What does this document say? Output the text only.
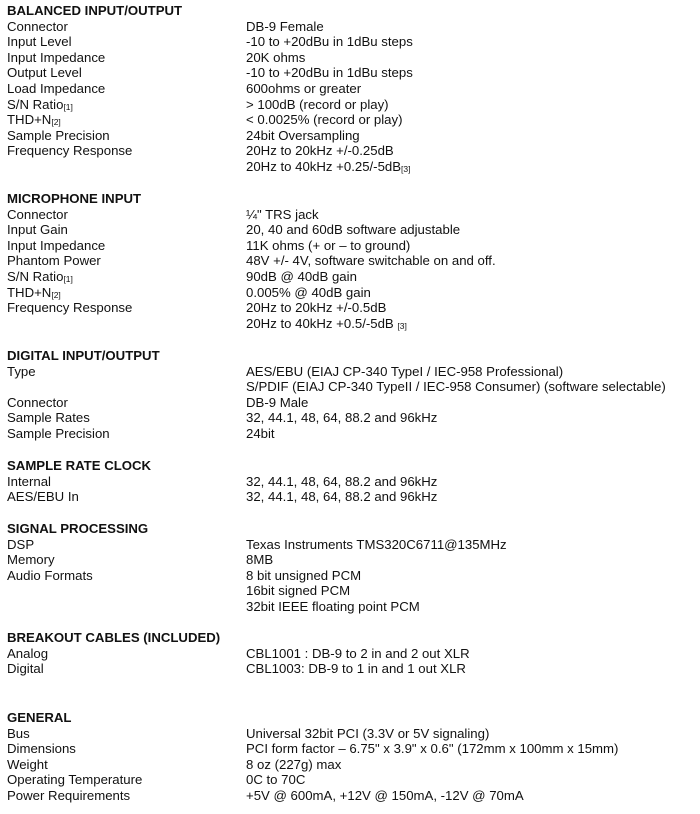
BALANCED INPUT/OUTPUT
Connector	DB-9 Female
Input Level	-10 to +20dBu in 1dBu steps
Input Impedance	20K ohms
Output Level	-10 to +20dBu in 1dBu steps
Load Impedance	600ohms or greater
S/N Ratio$_{[1]}$	> 100dB (record or play)
$THD+N_{[2]}$	< 0.0025% (record or play)
Sample Precision	24bit Oversampling
Frequency Response	20Hz to 20kHz +/-0.25dB
20Hz to $40kHz +0.25/-5dB_{[3]}$
MICROPHONE INPUT
Connector	¼" TRS jack
Input Gain	20, 40 and 60dB software adjustable
Input Impedance	11K ohms (+ or – to ground)
Phantom Power	48V +/- 4V, software switchable on and off.
S/N Ratio$_{[1]}$	90dB @ 40dB gain
$THD+N_{[2]}$	0.005% @ 40dB gain
Frequency Response	20Hz to 20kHz +/-0.5dB
20Hz to 40kHz +0.5/-5dB $_{[3]}$
DIGITAL INPUT/OUTPUT
Type	AES/EBU (EIAJ CP-340 TypeI / IEC-958 Professional)
S/PDIF (EIAJ CP-340 TypeII / IEC-958 Consumer) (software selectable)
Connector	DB-9 Male
Sample Rates	32, 44.1, 48, 64, 88.2 and 96kHz
Sample Precision	24bit
SAMPLE RATE CLOCK
Internal	32, 44.1, 48, 64, 88.2 and 96kHz
AES/EBU In	32, 44.1, 48, 64, 88.2 and 96kHz
SIGNAL PROCESSING
DSP	Texas Instruments TMS320C6711@135MHz
Memory	8MB
Audio Formats	8 bit unsigned PCM
16bit signed PCM
32bit IEEE floating point PCM
BREAKOUT CABLES (INCLUDED)
Analog	CBL1001 : DB-9 to 2 in and 2 out XLR
Digital	CBL1003: DB-9 to 1 in and 1 out XLR
GENERAL
Bus	Universal 32bit PCI (3.3V or 5V signaling)
Dimensions	PCI form factor – 6.75" x 3.9" x 0.6" (172mm x 100mm x 15mm)
Weight	8 oz (227g) max
Operating Temperature	0C to 70C
Power Requirements	+5V @ 600mA, +12V @ 150mA, -12V @ 70mA
